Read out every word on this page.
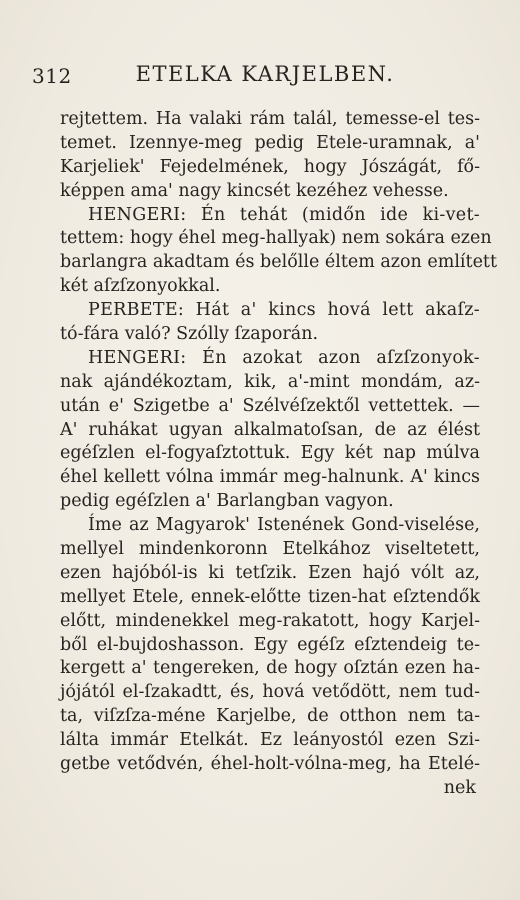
312	ETELKA KARJELBEN.
rejtettem. Ha valaki rám talál, temesse-el tes-
temet. Izennye-meg pedig Etele-uramnak, a'
Karjeliek' Fejedelmének, hogy Jószágát, fő-
képpen ama' nagy kincsét kezéhez vehesse.
HENGERI: Én tehát (midőn ide ki-vet-
tettem: hogy éhel meg-hallyak) nem sokára ezen
barlangra akadtam és belőlle éltem azon említett
két aſzſzonyokkal.
PERBETE: Hát a' kincs hová lett akaſz-
tó-fára való? Szólly ſzaporán.
HENGERI: Én azokat azon aſzſzonyok-
nak ajándékoztam, kik, a'-mint mondám, az-
után e' Szigetbe a' Szélvéſzektől vettettek. —
A' ruhákat ugyan alkalmatoſsan, de az élést
egéſzlen el-fogyaſztottuk. Egy két nap múlva
éhel kellett vólna immár meg-halnunk. A' kincs
pedig egéſzlen a' Barlangban vagyon.
Íme az Magyarok' Istenének Gond-viselése,
mellyel mindenkoronn Etelkához viseltetett,
ezen hajóból-is ki tetſzik. Ezen hajó vólt az,
mellyet Etele, ennek-előtte tizen-hat eſztendők
előtt, mindenekkel meg-rakatott, hogy Karjel-
ből el-bujdoshasson. Egy egéſz eſztendeig te-
kergett a' tengereken, de hogy oſztán ezen ha-
jójától el-ſzakadtt, és, hová vetődött, nem tud-
ta, viſzſza-méne Karjelbe, de otthon nem ta-
lálta immár Etelkát. Ez leányostól ezen Szi-
getbe vetődvén, éhel-holt-vólna-meg, ha Etelé-
nek
